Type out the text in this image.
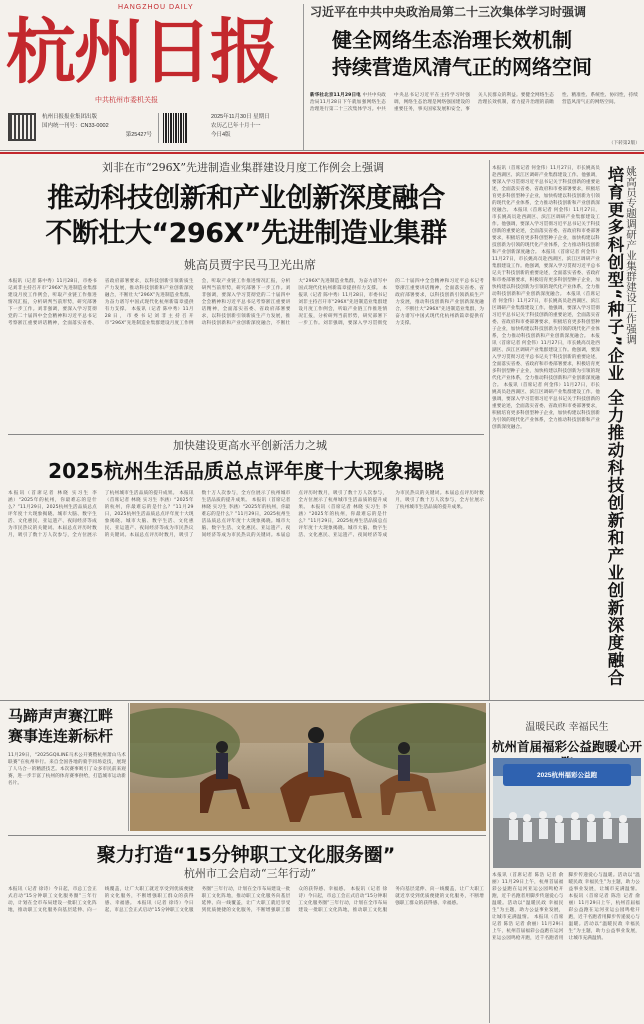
HANGZHOU DAILY
杭州日报
中共杭州市委机关报
杭州日报报业集团出版
国内统一刊号：CN33-0002
第25427号
2025年11月30日 星期日
农历乙巳年十月十一
今日4版
习近平在中共中央政治局第二十三次集体学习时强调
健全网络生态治理长效机制
持续营造风清气正的网络空间
新华社北京11月29日电 中共中央政治局11月28日下午就加强网络生态治理进行第二十三次集体学习。中共中央总书记习近平在主持学习时强调，网络生态治理是网络强国建设的重要任务，事关国家发展和安全，事关人民群众的利益。要健全网络生态治理长效机制，着力提升治理的前瞻性、精准性、系统性、协同性，持续营造风清气正的网络空间。
（下转第2版）
刘非在市“296X”先进制造业集群建设月度工作例会上强调
推动科技创新和产业创新深度融合
不断壮大“296X”先进制造业集群
姚高员贾宇民马卫光出席
本报讯（记者 陈中秀）11月28日，市委书记刘非主持召开市“296X”先进制造业集群建设月度工作例会，听取产业链工作推进情况汇报，分析研判当前形势，研究部署下一步工作。刘非强调，要深入学习贯彻党的二十届四中全会精神和习近平总书记考察浙江重要讲话精神，全面落实省委、省政府部署要求，以科技创新引领新质生产力发展，推动科技创新和产业创新深度融合，不断壮大“296X”先进制造业集群，为奋力谱写中国式现代化杭州新篇章提供有力支撑。 本报讯（记者 陈中秀）11月28日，市委书记刘非主持召开市“296X”先进制造业集群建设月度工作例会，听取产业链工作推进情况汇报，分析研判当前形势，研究部署下一步工作。刘非强调，要深入学习贯彻党的二十届四中全会精神和习近平总书记考察浙江重要讲话精神，全面落实省委、省政府部署要求，以科技创新引领新质生产力发展，推动科技创新和产业创新深度融合，不断壮大“296X”先进制造业集群，为奋力谱写中国式现代化杭州新篇章提供有力支撑。 本报讯（记者 陈中秀）11月28日，市委书记刘非主持召开市“296X”先进制造业集群建设月度工作例会，听取产业链工作推进情况汇报，分析研判当前形势，研究部署下一步工作。刘非强调，要深入学习贯彻党的二十届四中全会精神和习近平总书记考察浙江重要讲话精神，全面落实省委、省政府部署要求，以科技创新引领新质生产力发展，推动科技创新和产业创新深度融合，不断壮大“296X”先进制造业集群，为奋力谱写中国式现代化杭州新篇章提供有力支撑。
本报讯（首席记者 何金伟）11月27日，市长姚高员赴西湖区、滨江区调研产业集群建设工作。他强调，要深入学习贯彻习近平总书记关于科技创新的重要论述，全面落实省委、省政府和市委部署要求，积极培育更多科创型种子企业，加快构建以科技创新为引领的现代化产业体系，全力推动科技创新和产业创新深度融合。 本报讯（首席记者 何金伟）11月27日，市长姚高员赴西湖区、滨江区调研产业集群建设工作。他强调，要深入学习贯彻习近平总书记关于科技创新的重要论述，全面落实省委、省政府和市委部署要求，积极培育更多科创型种子企业，加快构建以科技创新为引领的现代化产业体系，全力推动科技创新和产业创新深度融合。 本报讯（首席记者 何金伟）11月27日，市长姚高员赴西湖区、滨江区调研产业集群建设工作。他强调，要深入学习贯彻习近平总书记关于科技创新的重要论述，全面落实省委、省政府和市委部署要求，积极培育更多科创型种子企业，加快构建以科技创新为引领的现代化产业体系，全力推动科技创新和产业创新深度融合。 本报讯（首席记者 何金伟）11月27日，市长姚高员赴西湖区、滨江区调研产业集群建设工作。他强调，要深入学习贯彻习近平总书记关于科技创新的重要论述，全面落实省委、省政府和市委部署要求，积极培育更多科创型种子企业，加快构建以科技创新为引领的现代化产业体系，全力推动科技创新和产业创新深度融合。 本报讯（首席记者 何金伟）11月27日，市长姚高员赴西湖区、滨江区调研产业集群建设工作。他强调，要深入学习贯彻习近平总书记关于科技创新的重要论述，全面落实省委、省政府和市委部署要求，积极培育更多科创型种子企业，加快构建以科技创新为引领的现代化产业体系，全力推动科技创新和产业创新深度融合。 本报讯（首席记者 何金伟）11月27日，市长姚高员赴西湖区、滨江区调研产业集群建设工作。他强调，要深入学习贯彻习近平总书记关于科技创新的重要论述，全面落实省委、省政府和市委部署要求，积极培育更多科创型种子企业，加快构建以科技创新为引领的现代化产业体系，全力推动科技创新和产业创新深度融合。
姚高员专题调研产业集群建设工作强调
培育更多科创型“种子”企业 全力推动科技创新和产业创新深度融合
加快建设更高水平创新活力之城
2025杭州生活品质总点评年度十大现象揭晓
本报讯（首席记者 林晓 实习生 李涵）“2025年的杭州，你最难忘的是什么？”11月29日，2025杭州生活品质总点评年度十大现象揭晓。城市大脑、数字生活、文化惠民、亚运遗产、夜间经济等成为市民热议的关键词。本届总点评历时数月，吸引了数十万人次参与，全方位展示了杭州城市生活品质的提升成果。 本报讯（首席记者 林晓 实习生 李涵）“2025年的杭州，你最难忘的是什么？”11月29日，2025杭州生活品质总点评年度十大现象揭晓。城市大脑、数字生活、文化惠民、亚运遗产、夜间经济等成为市民热议的关键词。本届总点评历时数月，吸引了数十万人次参与，全方位展示了杭州城市生活品质的提升成果。 本报讯（首席记者 林晓 实习生 李涵）“2025年的杭州，你最难忘的是什么？”11月29日，2025杭州生活品质总点评年度十大现象揭晓。城市大脑、数字生活、文化惠民、亚运遗产、夜间经济等成为市民热议的关键词。本届总点评历时数月，吸引了数十万人次参与，全方位展示了杭州城市生活品质的提升成果。 本报讯（首席记者 林晓 实习生 李涵）“2025年的杭州，你最难忘的是什么？”11月29日，2025杭州生活品质总点评年度十大现象揭晓。城市大脑、数字生活、文化惠民、亚运遗产、夜间经济等成为市民热议的关键词。本届总点评历时数月，吸引了数十万人次参与，全方位展示了杭州城市生活品质的提升成果。
马蹄声声赛江畔
赛事连连新标杆
11月29日，“2025GQILINE马术公开赛暨杭州萧山马术联赛”在杭州举行。来自全国各地的骑手同场竞技，展现了人马合一的精湛技艺。本次赛事吸引了众多市民前来观赛，进一步丰富了杭州的体育赛事供给，打造城市运动新名片。
温暖民政 幸福民生
杭州首届福彩公益跑暖心开
2025杭州福彩公益跑
本报讯（首席记者 陈浩 记者 俞丽）11月29日上午，杭州首届福彩公益跑在运河亚运公园鸣枪开跑，近千名跑者用脚步传递爱心与温暖。活动以“温暖民政 幸福民生”为主题，助力公益事业发展，让城市充满温情。 本报讯（首席记者 陈浩 记者 俞丽）11月29日上午，杭州首届福彩公益跑在运河亚运公园鸣枪开跑，近千名跑者用脚步传递爱心与温暖。活动以“温暖民政 幸福民生”为主题，助力公益事业发展，让城市充满温情。 本报讯（首席记者 陈浩 记者 俞丽）11月29日上午，杭州首届福彩公益跑在运河亚运公园鸣枪开跑，近千名跑者用脚步传递爱心与温暖。活动以“温暖民政 幸福民生”为主题，助力公益事业发展，让城市充满温情。
聚力打造“15分钟职工文化服务圈”
杭州市工会启动“三年行动”
本报讯（记者 徐诗）今日起，市总工会正式启动“15分钟职工文化服务圈”三年行动，计划在全市布局建设一批职工文化阵地，推动职工文化服务向基层延伸、向一线覆盖，让广大职工就近享受到优质便捷的文化服务，不断增强职工群众的获得感、幸福感。 本报讯（记者 徐诗）今日起，市总工会正式启动“15分钟职工文化服务圈”三年行动，计划在全市布局建设一批职工文化阵地，推动职工文化服务向基层延伸、向一线覆盖，让广大职工就近享受到优质便捷的文化服务，不断增强职工群众的获得感、幸福感。 本报讯（记者 徐诗）今日起，市总工会正式启动“15分钟职工文化服务圈”三年行动，计划在全市布局建设一批职工文化阵地，推动职工文化服务向基层延伸、向一线覆盖，让广大职工就近享受到优质便捷的文化服务，不断增强职工群众的获得感、幸福感。
